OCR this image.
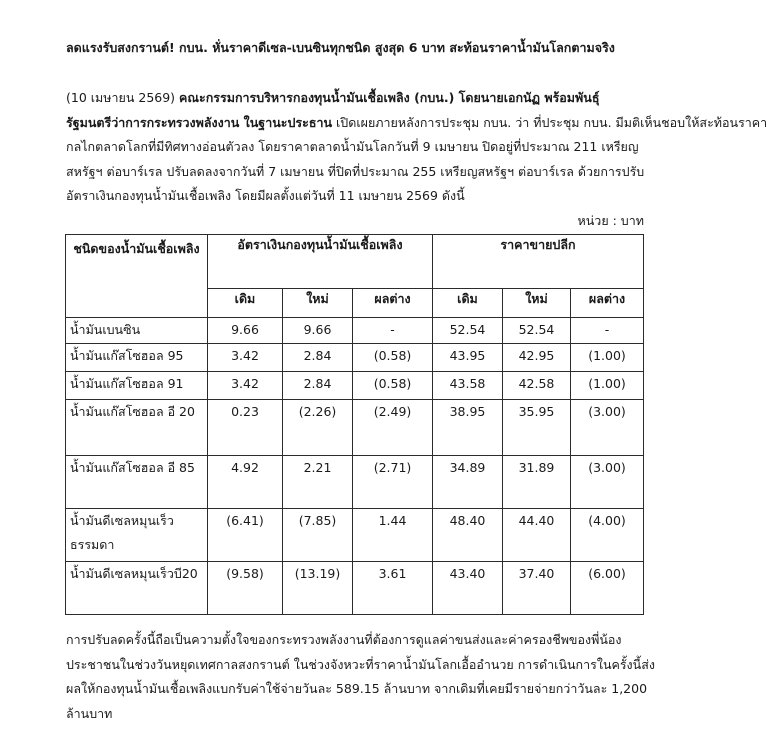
ลดแรงรับสงกรานต์! กบน. หั่นราคาดีเซล-เบนซินทุกชนิด สูงสุด 6 บาท สะท้อนราคาน้ำมันโลกตามจริง
(10 เมษายน 2569) คณะกรรมการบริหารกองทุนน้ำมันเชื้อเพลิง (กบน.) โดยนายเอกนัฏ พร้อมพันธุ์
รัฐมนตรีว่าการกระทรวงพลังงาน ในฐานะประธาน เปิดเผยภายหลังการประชุม กบน. ว่า ที่ประชุม กบน. มีมติเห็นชอบให้สะท้อนราคา
กลไกตลาดโลกที่มีทิศทางอ่อนตัวลง โดยราคาตลาดน้ำมันโลกวันที่ 9 เมษายน ปิดอยู่ที่ประมาณ 211 เหรียญ
สหรัฐฯ ต่อบาร์เรล ปรับลดลงจากวันที่ 7 เมษายน ที่ปิดที่ประมาณ 255 เหรียญสหรัฐฯ ต่อบาร์เรล ด้วยการปรับ
อัตราเงินกองทุนน้ำมันเชื้อเพลิง โดยมีผลตั้งแต่วันที่ 11 เมษายน 2569 ดังนี้
หน่วย : บาท
ชนิดของน้ำมันเชื้อเพลิง	อัตราเงินกองทุนน้ำมันเชื้อเพลิง			ราคาขายปลีก		
	เดิม	ใหม่	ผลต่าง	เดิม	ใหม่	ผลต่าง
น้ำมันเบนซิน	9.66	9.66	-	52.54	52.54	-
น้ำมันแก๊สโซฮอล 95	3.42	2.84	(0.58)	43.95	42.95	(1.00)
น้ำมันแก๊สโซฮอล 91	3.42	2.84	(0.58)	43.58	42.58	(1.00)
น้ำมันแก๊สโซฮอล อี 20	0.23	(2.26)	(2.49)	38.95	35.95	(3.00)
น้ำมันแก๊สโซฮอล อี 85	4.92	2.21	(2.71)	34.89	31.89	(3.00)
น้ำมันดีเซลหมุนเร็วธรรมดา	(6.41)	(7.85)	1.44	48.40	44.40	(4.00)
น้ำมันดีเซลหมุนเร็วบี20	(9.58)	(13.19)	3.61	43.40	37.40	(6.00)
การปรับลดครั้งนี้ถือเป็นความตั้งใจของกระทรวงพลังงานที่ต้องการดูแลค่าขนส่งและค่าครองชีพของพี่น้องประชาชนในช่วงวันหยุดเทศกาลสงกรานต์ ในช่วงจังหวะที่ราคาน้ำมันโลกเอื้ออำนวย การดำเนินการในครั้งนี้ส่งผลให้กองทุนน้ำมันเชื้อเพลิงแบกรับค่าใช้จ่ายวันละ 589.15 ล้านบาท จากเดิมที่เคยมีรายจ่ายกว่าวันละ 1,200 ล้านบาท
